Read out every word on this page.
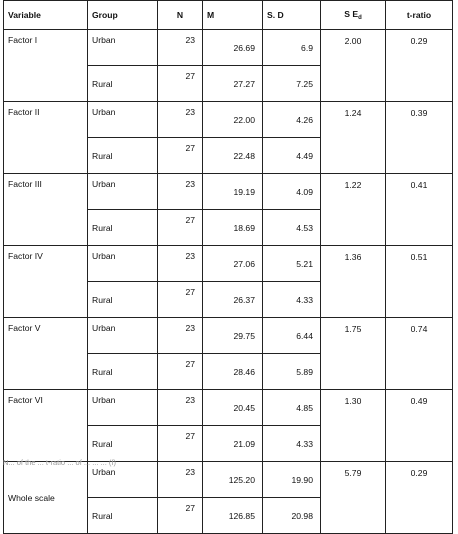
Variable	Group	N	M	S. D	S $E_d$	t-ratio
Factor I	Urban	23	26.69	6.9	2.00	0.29
	Rural	27	27.27	7.25		
Factor II	Urban	23	22.00	4.26	1.24	0.39
	Rural	27	22.48	4.49		
Factor III	Urban	23	19.19	4.09	1.22	0.41
	Rural	27	18.69	4.53		
Factor IV	Urban	23	27.06	5.21	1.36	0.51
	Rural	27	26.37	4.33		
Factor V	Urban	23	29.75	6.44	1.75	0.74
	Rural	27	28.46	5.89		
Factor VI	Urban	23	20.45	4.85	1.30	0.49
	Rural	27	21.09	4.33		
Whole scale	Urban	23	125.20	19.90	5.79	0.29
	Rural	27	126.85	20.98		
N... of the ... t-ratio ... of ... ... ... (f)
